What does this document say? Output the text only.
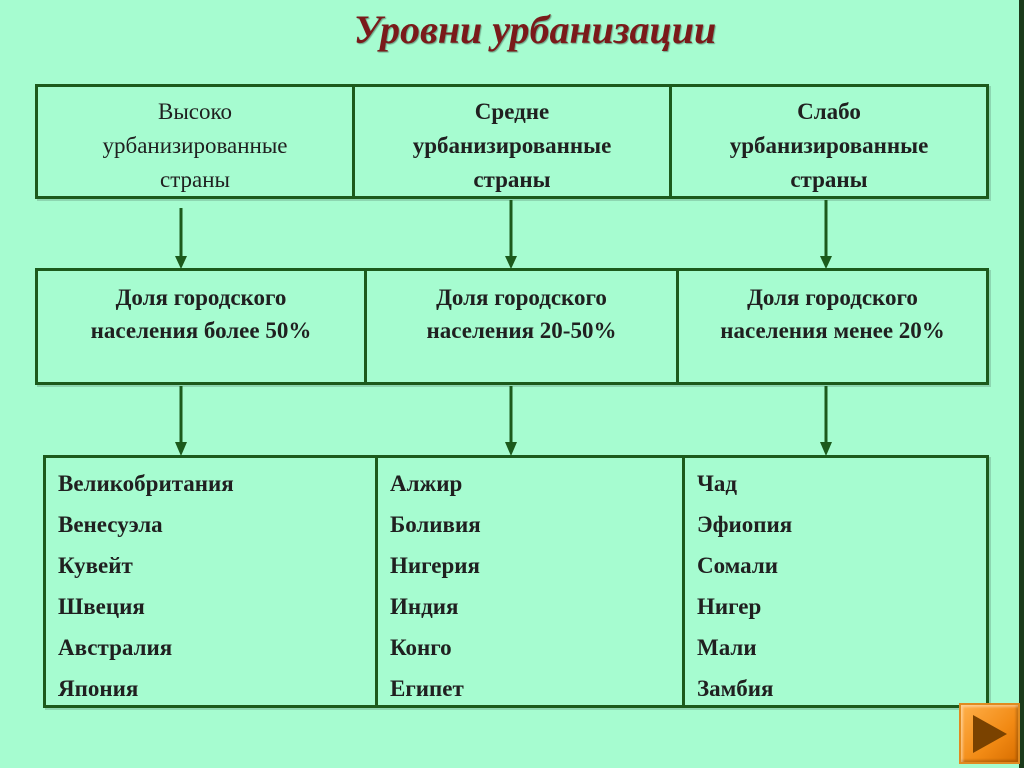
Уровни урбанизации
Высоко
урбанизированные
страны
Средне
урбанизированные
страны
Слабо
урбанизированные
страны
Доля городского
населения более 50%
Доля городского
населения 20-50%
Доля городского
населения менее 20%
Великобритания
Венесуэла
Кувейт
Швеция
Австралия
Япония
Алжир
Боливия
Нигерия
Индия
Конго
Египет
Чад
Эфиопия
Сомали
Нигер
Мали
Замбия
